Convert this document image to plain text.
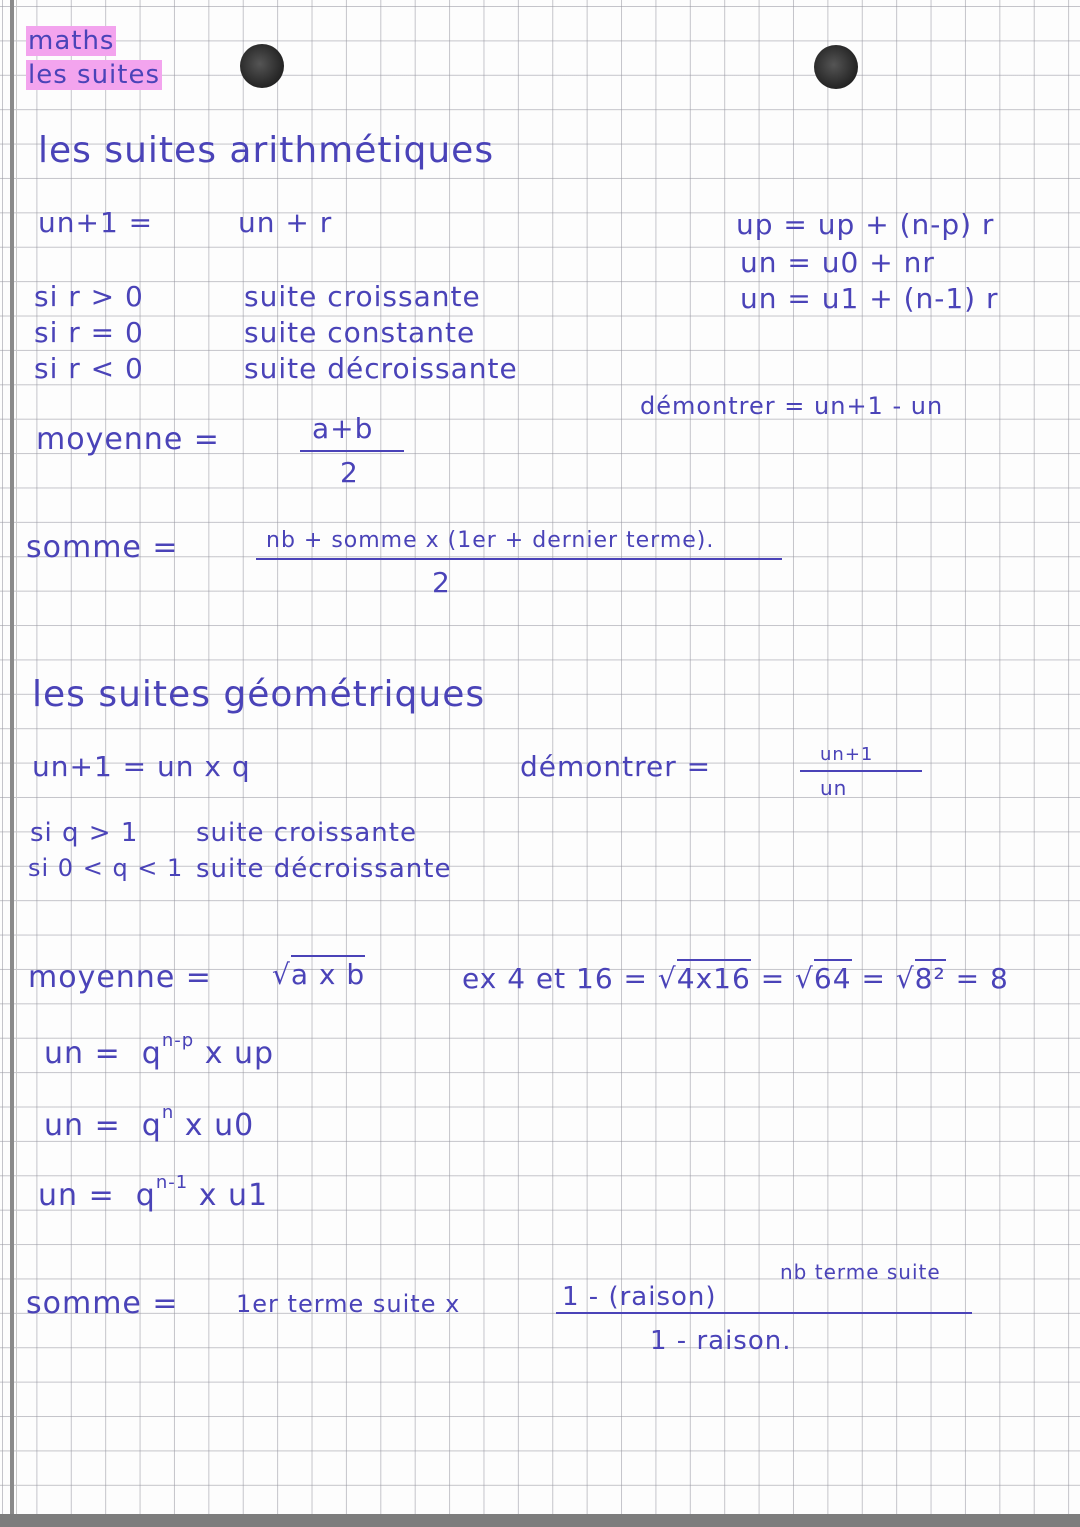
maths
les suites
les suites arithmétiques
un+1 =	un + r	up = up + (n-p) r
un = u0 + nr
un = u1 + (n-1) r
si r > 0	suite croissante
si r = 0	suite constante
si r < 0	suite décroissante
démontrer = un+1 - un
moyenne =	a+b
2
somme =	nb + somme x (1er + dernier terme).
2
les suites géométriques
un+1 = un x q	démontrer =	un+1
un
si q > 1 suite croissante
si 0 < q < 1 suite décroissante
moyenne = √a x b	ex 4 et 16 = √4x16 = √64 = √8² = 8
un = $q^{n-p}$ x up
un = $q^n$ x u0
un = $q^{n-1}$ x u1
somme = 1er terme suite x
nb terme suite
1 - (raison)
1 - raison.
